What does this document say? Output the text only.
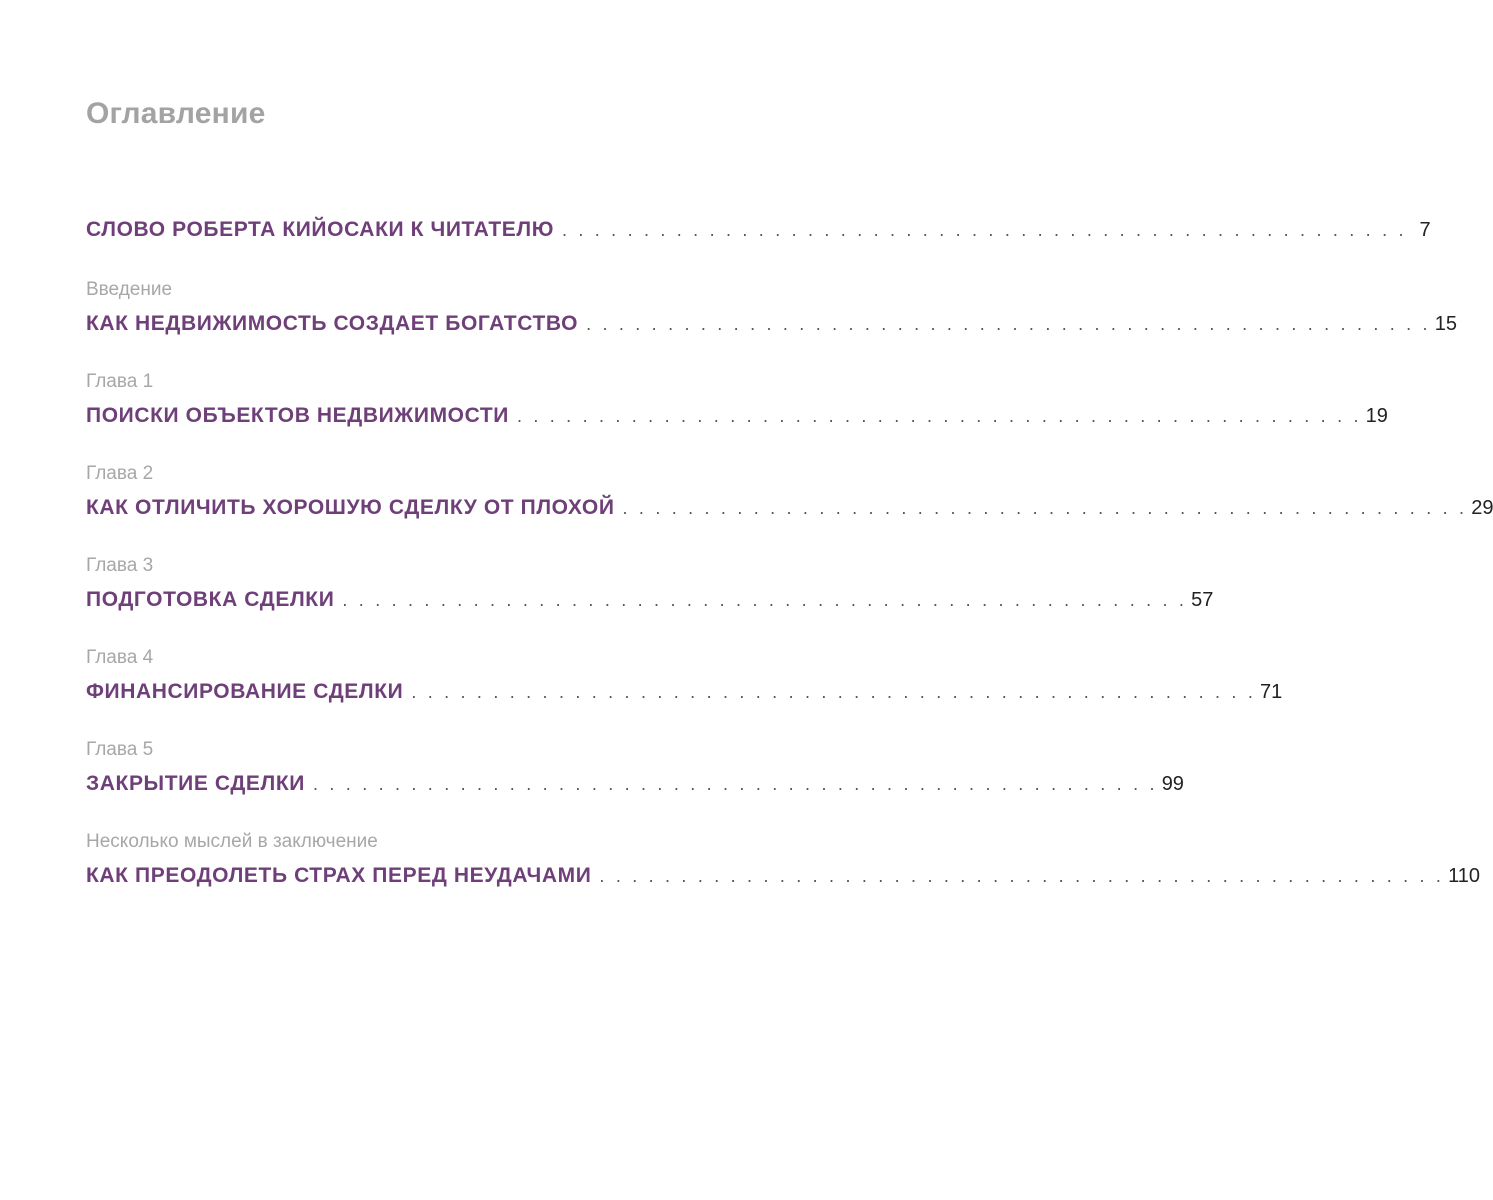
Оглавление
СЛОВО РОБЕРТА КИЙОСАКИ К ЧИТАТЕЛЮ . . . . . . . . . . . . . . . . . . . . . . . . . . . . . . . . . . . . . . . . . . . . . . . . . . . . 7
Введение
КАК НЕДВИЖИМОСТЬ СОЗДАЕТ БОГАТСТВО . . . . . . . . . . . . . . . . . . . . . . . . . . . . . . . . . . . . . . . . . . . . . . . . . . . . 15
Глава 1
ПОИСКИ ОБЪЕКТОВ НЕДВИЖИМОСТИ . . . . . . . . . . . . . . . . . . . . . . . . . . . . . . . . . . . . . . . . . . . . . . . . . . . . 19
Глава 2
КАК ОТЛИЧИТЬ ХОРОШУЮ СДЕЛКУ ОТ ПЛОХОЙ . . . . . . . . . . . . . . . . . . . . . . . . . . . . . . . . . . . . . . . . . . . . . . . . . . . . 29
Глава 3
ПОДГОТОВКА СДЕЛКИ . . . . . . . . . . . . . . . . . . . . . . . . . . . . . . . . . . . . . . . . . . . . . . . . . . . . 57
Глава 4
ФИНАНСИРОВАНИЕ СДЕЛКИ . . . . . . . . . . . . . . . . . . . . . . . . . . . . . . . . . . . . . . . . . . . . . . . . . . . . 71
Глава 5
ЗАКРЫТИЕ СДЕЛКИ . . . . . . . . . . . . . . . . . . . . . . . . . . . . . . . . . . . . . . . . . . . . . . . . . . . . 99
Несколько мыслей в заключение
КАК ПРЕОДОЛЕТЬ СТРАХ ПЕРЕД НЕУДАЧАМИ . . . . . . . . . . . . . . . . . . . . . . . . . . . . . . . . . . . . . . . . . . . . . . . . . . . . 110
